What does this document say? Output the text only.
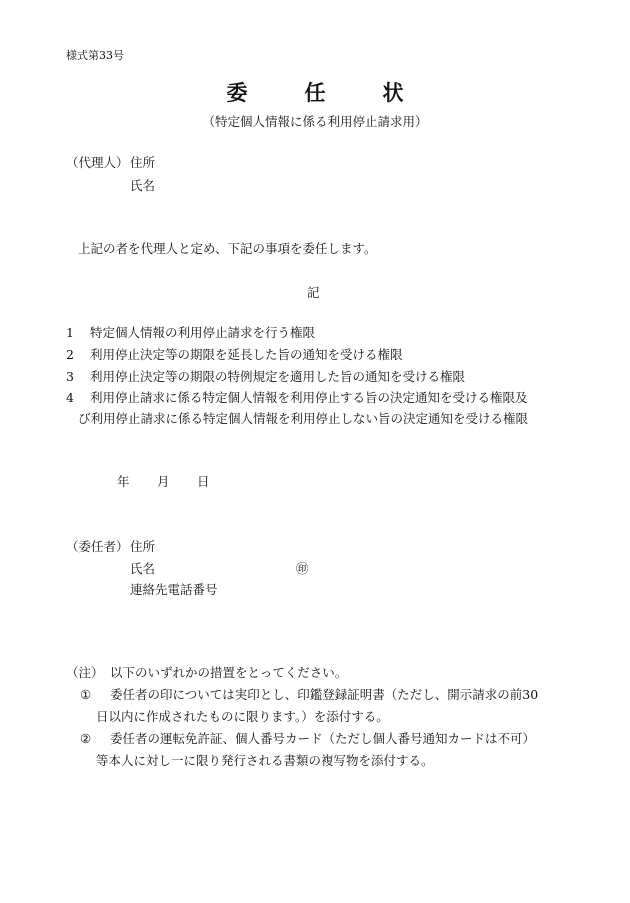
様式第33号
委　任　状
（特定個人情報に係る利用停止請求用）
（代理人） 住所
氏名
上記の者を代理人と定め、下記の事項を委任します。
記
1 特定個人情報の利用停止請求を行う権限
2 利用停止決定等の期限を延長した旨の通知を受ける権限
3 利用停止決定等の期限の特例規定を適用した旨の通知を受ける権限
4 利用停止請求に係る特定個人情報を利用停止する旨の決定通知を受ける権限及
び利用停止請求に係る特定個人情報を利用停止しない旨の決定通知を受ける権限
年 月 日
（委任者） 住所
氏名	㊞
連絡先電話番号
（注） 以下のいずれかの措置をとってください。
① 委任者の印については実印とし、印鑑登録証明書（ただし、開示請求の前30
日以内に作成されたものに限ります。）を添付する。
② 委任者の運転免許証、個人番号カード（ただし個人番号通知カードは不可）
等本人に対し一に限り発行される書類の複写物を添付する。
